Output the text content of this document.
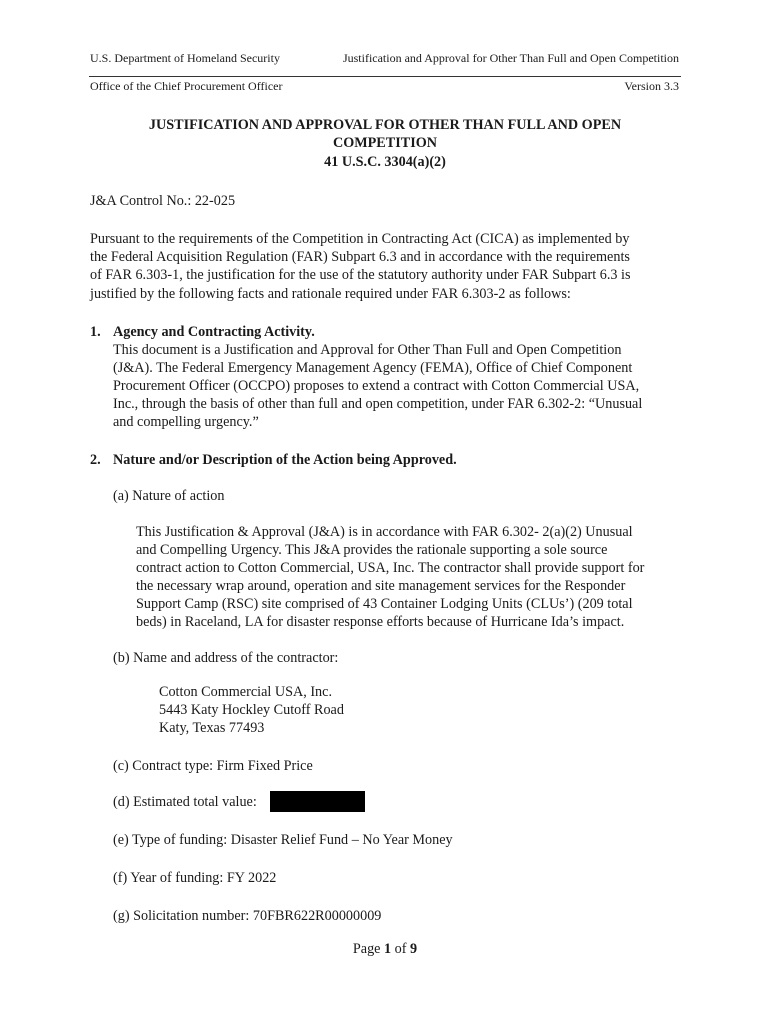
U.S. Department of Homeland Security	Justification and Approval for Other Than Full and Open Competition
Office of the Chief Procurement Officer	Version 3.3
JUSTIFICATION AND APPROVAL FOR OTHER THAN FULL AND OPEN
COMPETITION
41 U.S.C. 3304(a)(2)
J&A Control No.: 22-025
Pursuant to the requirements of the Competition in Contracting Act (CICA) as implemented by
the Federal Acquisition Regulation (FAR) Subpart 6.3 and in accordance with the requirements
of FAR 6.303-1, the justification for the use of the statutory authority under FAR Subpart 6.3 is
justified by the following facts and rationale required under FAR 6.303-2 as follows:
1. Agency and Contracting Activity.
This document is a Justification and Approval for Other Than Full and Open Competition
(J&A). The Federal Emergency Management Agency (FEMA), Office of Chief Component
Procurement Officer (OCCPO) proposes to extend a contract with Cotton Commercial USA,
Inc., through the basis of other than full and open competition, under FAR 6.302-2: “Unusual
and compelling urgency.”
2. Nature and/or Description of the Action being Approved.
(a) Nature of action
This Justification & Approval (J&A) is in accordance with FAR 6.302- 2(a)(2) Unusual
and Compelling Urgency. This J&A provides the rationale supporting a sole source
contract action to Cotton Commercial, USA, Inc. The contractor shall provide support for
the necessary wrap around, operation and site management services for the Responder
Support Camp (RSC) site comprised of 43 Container Lodging Units (CLUs’) (209 total
beds) in Raceland, LA for disaster response efforts because of Hurricane Ida’s impact.
(b) Name and address of the contractor:
Cotton Commercial USA, Inc.
5443 Katy Hockley Cutoff Road
Katy, Texas 77493
(c) Contract type: Firm Fixed Price
(d) Estimated total value:
(e) Type of funding: Disaster Relief Fund – No Year Money
(f) Year of funding: FY 2022
(g) Solicitation number: 70FBR622R00000009
Page 1 of 9
